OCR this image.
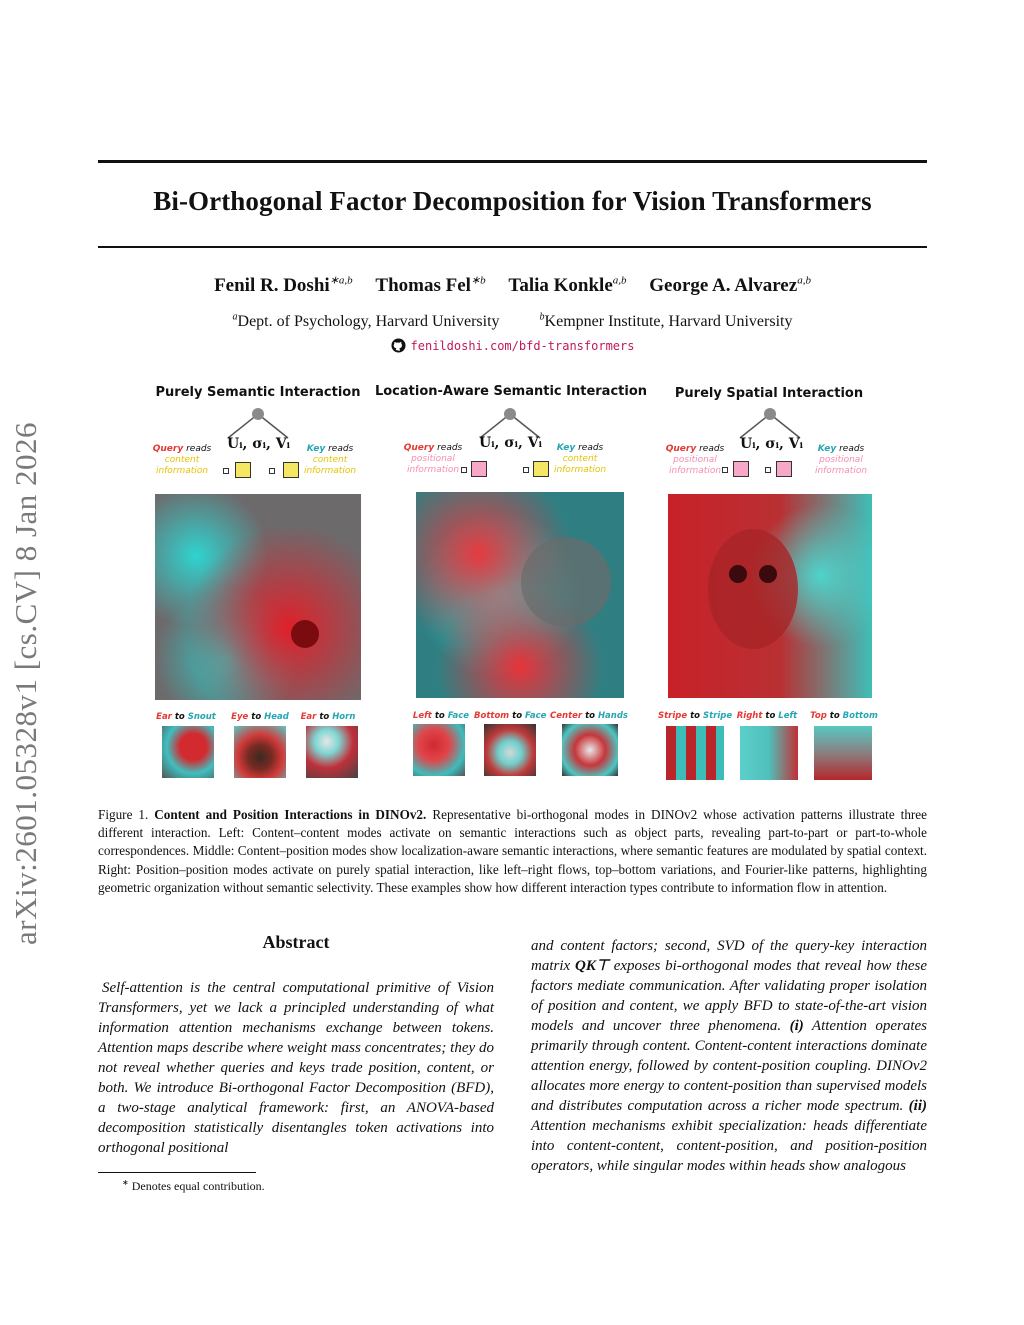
arXiv:2601.05328v1 [cs.CV] 8 Jan 2026
Bi-Orthogonal Factor Decomposition for Vision Transformers
Fenil R. Doshi$^{∗a,b}$ Thomas Fel$^{∗b}$ Talia Konkle$^{a,b}$ George A. Alvarez$^{a,b}$
$^a$Dept. of Psychology, Harvard University	$^b$Kempner Institute, Harvard University
fenildoshi.com/bfd-transformers
Purely Semantic Interaction	Location-Aware Semantic Interaction	Purely Spatial Interaction
Uᵢ, σᵢ, Vᵢ	Uᵢ, σᵢ, Vᵢ	Uᵢ, σᵢ, Vᵢ
Query reads
content information
Key reads
content information
Query reads
positional information
Key reads
content information
Query reads
positional information
Key reads
positional information
Ear to Snout	Eye to Head	Ear to Horn	Left to Face Bottom to Face Center to Hands	Stripe to Stripe Right to Left	Top to Bottom
Figure 1. Content and Position Interactions in DINOv2. Representative bi-orthogonal modes in DINOv2 whose activation patterns illustrate three different interaction. Left: Content–content modes activate on semantic interactions such as object parts, revealing part-to-part or part-to-whole correspondences. Middle: Content–position modes show localization-aware semantic interactions, where semantic features are modulated by spatial context. Right: Position–position modes activate on purely spatial interaction, like left–right flows, top–bottom variations, and Fourier-like patterns, highlighting geometric organization without semantic selectivity. These examples show how different interaction types contribute to information flow in attention.
Abstract
Self-attention is the central computational primitive of Vision Transformers, yet we lack a principled understanding of what information attention mechanisms exchange between tokens. Attention maps describe where weight mass concentrates; they do not reveal whether queries and keys trade position, content, or both. We introduce Bi-orthogonal Factor Decomposition (BFD), a two-stage analytical framework: first, an ANOVA-based decomposition statistically disentangles token activations into orthogonal positional
and content factors; second, SVD of the query-key interaction matrix QK⊤ exposes bi-orthogonal modes that reveal how these factors mediate communication. After validating proper isolation of position and content, we apply BFD to state-of-the-art vision models and uncover three phenomena. (i) Attention operates primarily through content. Content-content interactions dominate attention energy, followed by content-position coupling. DINOv2 allocates more energy to content-position than supervised models and distributes computation across a richer mode spectrum. (ii) Attention mechanisms exhibit specialization: heads differentiate into content-content, content-position, and position-position operators, while singular modes within heads show analogous
∗ Denotes equal contribution.
